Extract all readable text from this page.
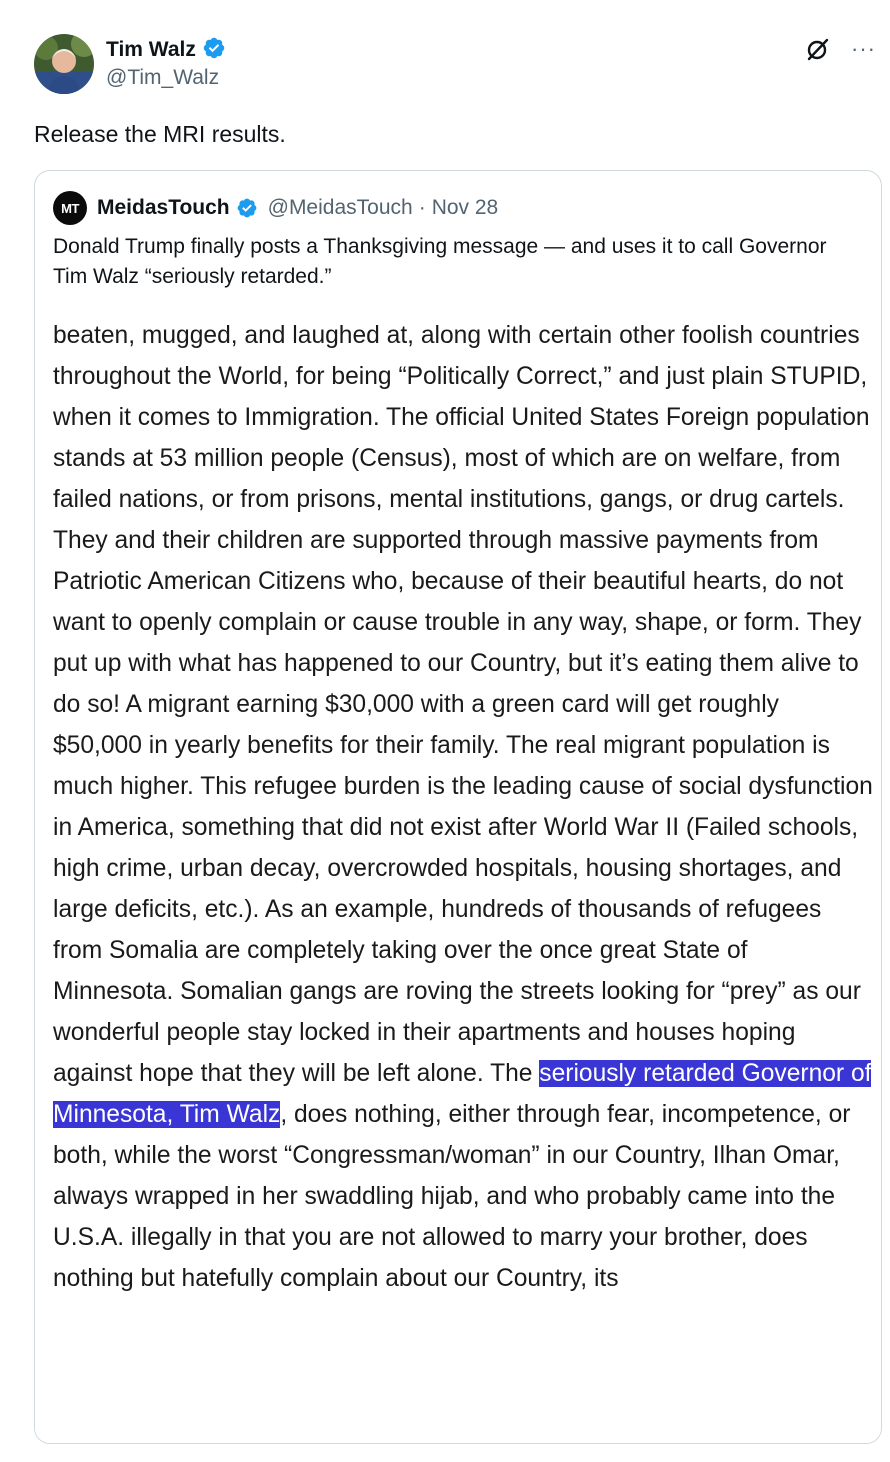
Tim Walz
@Tim_Walz
···
Release the MRI results.
MT MeidasTouch @MeidasTouch · Nov 28
Donald Trump finally posts a Thanksgiving message — and uses it to call Governor Tim Walz “seriously retarded.”

beaten, mugged, and laughed at, along with certain other foolish countries throughout the World, for being “Politically Correct,” and just plain STUPID, when it comes to Immigration. The official United States Foreign population stands at 53 million people (Census), most of which are on welfare, from failed nations, or from prisons, mental institutions, gangs, or drug cartels. They and their children are supported through massive payments from Patriotic American Citizens who, because of their beautiful hearts, do not want to openly complain or cause trouble in any way, shape, or form. They put up with what has happened to our Country, but it’s eating them alive to do so! A migrant earning $30,000 with a green card will get roughly $50,000 in yearly benefits for their family. The real migrant population is much higher. This refugee burden is the leading cause of social dysfunction in America, something that did not exist after World War II (Failed schools, high crime, urban decay, overcrowded hospitals, housing shortages, and large deficits, etc.). As an example, hundreds of thousands of refugees from Somalia are completely taking over the once great State of Minnesota. Somalian gangs are roving the streets looking for “prey” as our wonderful people stay locked in their apartments and houses hoping against hope that they will be left alone. The seriously retarded Governor of Minnesota, Tim Walz, does nothing, either through fear, incompetence, or both, while the worst “Congressman/woman” in our Country, Ilhan Omar, always wrapped in her swaddling hijab, and who probably came into the U.S.A. illegally in that you are not allowed to marry your brother, does nothing but hatefully complain about our Country, its
